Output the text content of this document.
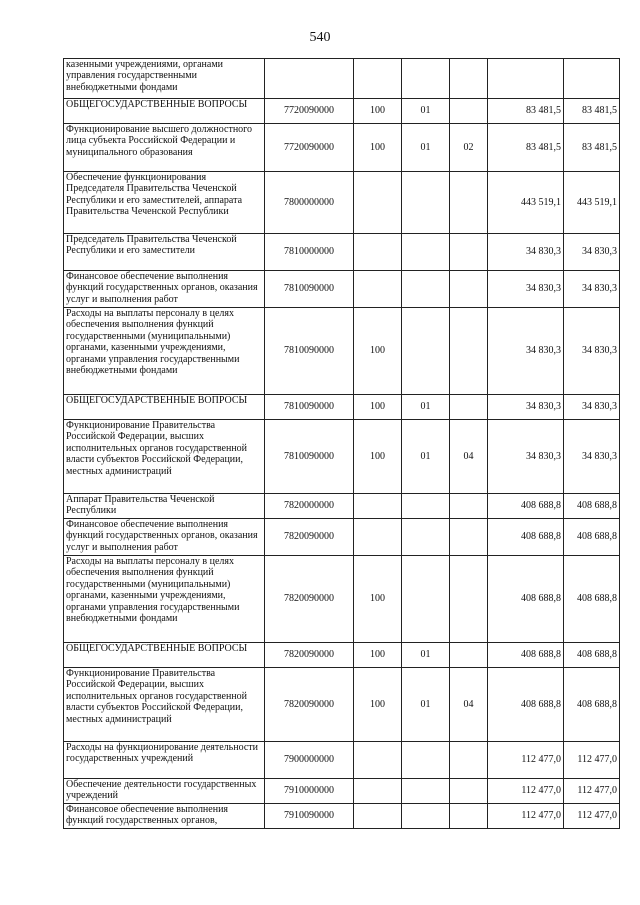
540
казенными учреждениями, органами управления государственными внебюджетными фондами						
ОБЩЕГОСУДАРСТВЕННЫЕ ВОПРОСЫ	7720090000	100	01		83 481,5	83 481,5
Функционирование высшего должностного лица субъекта Российской Федерации и муниципального образования	7720090000	100	01	02	83 481,5	83 481,5
Обеспечение функционирования Председателя Правительства Чеченской Республики и его заместителей, аппарата Правительства Чеченской Республики	7800000000				443 519,1	443 519,1
Председатель Правительства Чеченской Республики и его заместители	7810000000				34 830,3	34 830,3
Финансовое обеспечение выполнения функций государственных органов, оказания услуг и выполнения работ	7810090000				34 830,3	34 830,3
Расходы на выплаты персоналу в целях обеспечения выполнения функций государственными (муниципальными) органами, казенными учреждениями, органами управления государственными внебюджетными фондами	7810090000	100			34 830,3	34 830,3
ОБЩЕГОСУДАРСТВЕННЫЕ ВОПРОСЫ	7810090000	100	01		34 830,3	34 830,3
Функционирование Правительства Российской Федерации, высших исполнительных органов государственной власти субъектов Российской Федерации, местных администраций	7810090000	100	01	04	34 830,3	34 830,3
Аппарат Правительства Чеченской Республики	7820000000				408 688,8	408 688,8
Финансовое обеспечение выполнения функций государственных органов, оказания услуг и выполнения работ	7820090000				408 688,8	408 688,8
Расходы на выплаты персоналу в целях обеспечения выполнения функций государственными (муниципальными) органами, казенными учреждениями, органами управления государственными внебюджетными фондами	7820090000	100			408 688,8	408 688,8
ОБЩЕГОСУДАРСТВЕННЫЕ ВОПРОСЫ	7820090000	100	01		408 688,8	408 688,8
Функционирование Правительства Российской Федерации, высших исполнительных органов государственной власти субъектов Российской Федерации, местных администраций	7820090000	100	01	04	408 688,8	408 688,8
Расходы на функционирование деятельности государственных учреждений	7900000000				112 477,0	112 477,0
Обеспечение деятельности государственных учреждений	7910000000				112 477,0	112 477,0
Финансовое обеспечение выполнения функций государственных органов,	7910090000				112 477,0	112 477,0
